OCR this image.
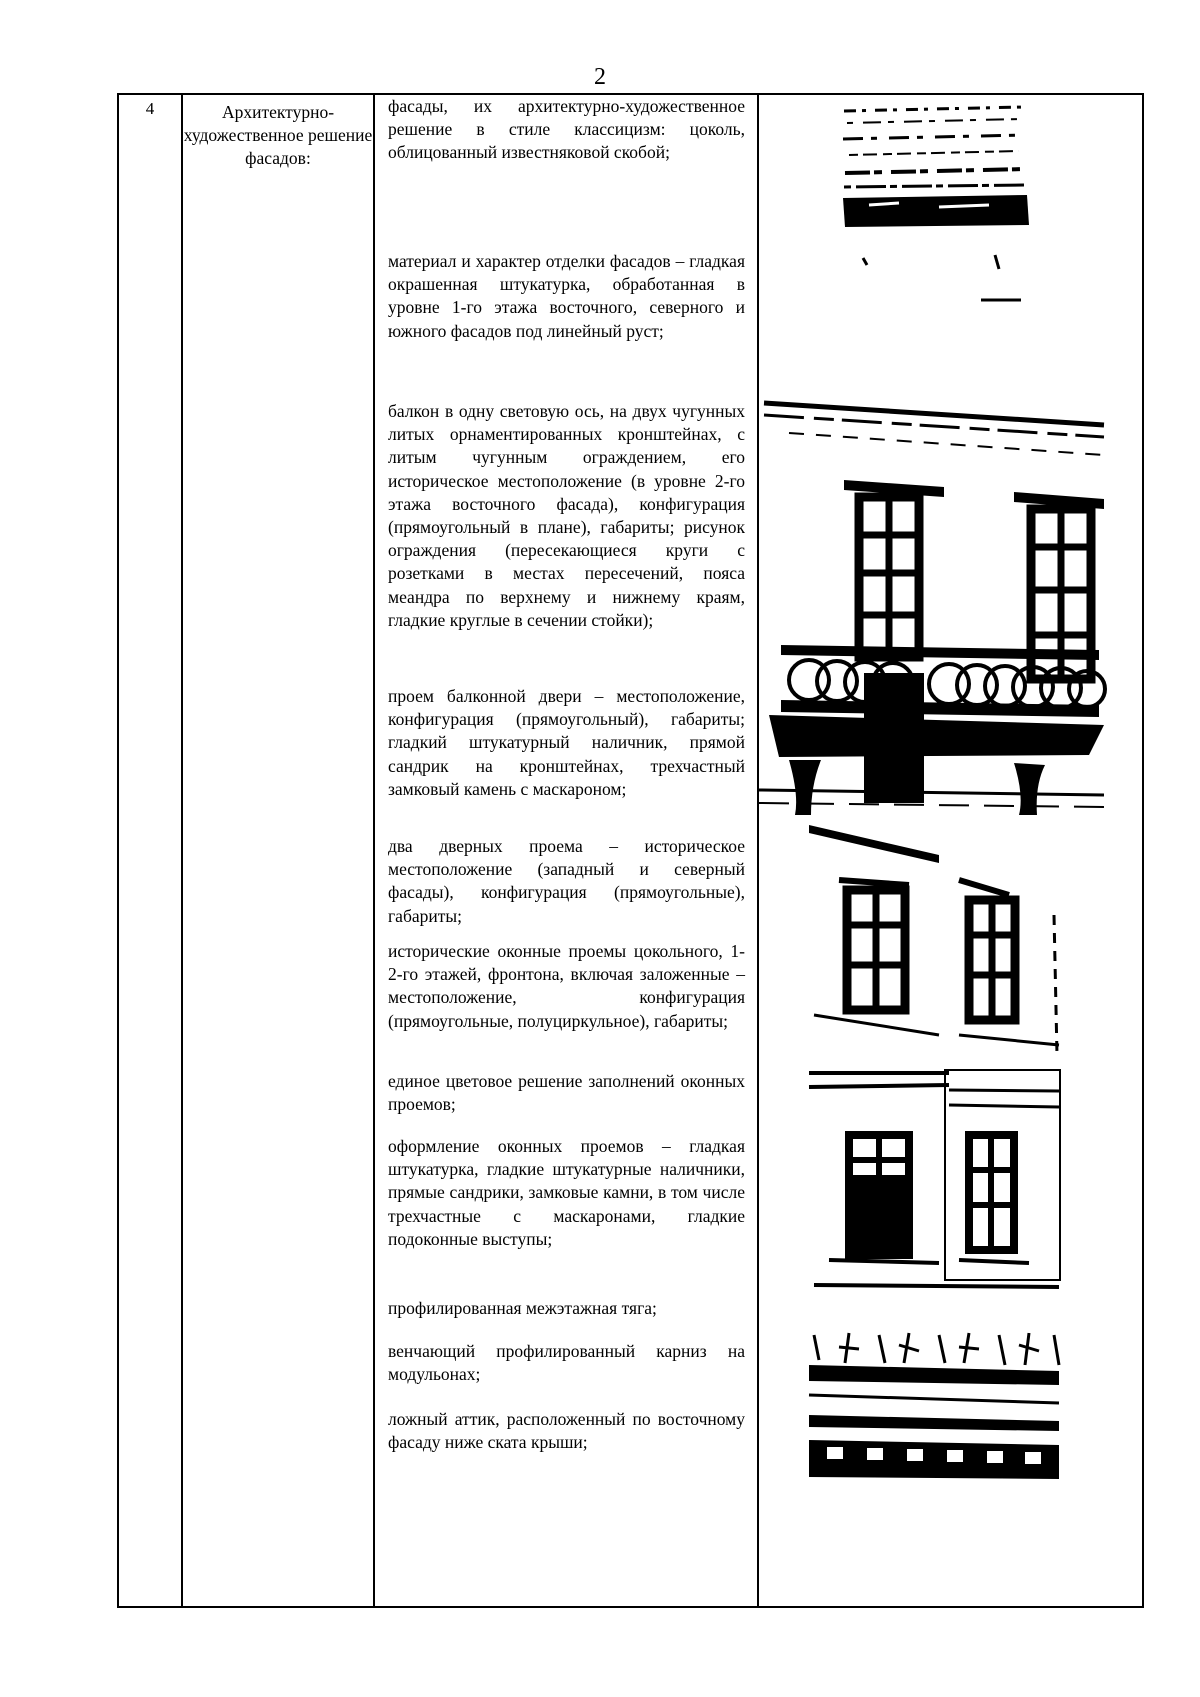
2
4	Архитектурно-художественное решение фасадов:

фасады, их архитектурно-художественное решение в стиле классицизм: цоколь, облицованный известняковой скобой;

материал и характер отделки фасадов – гладкая окрашенная штукатурка, обработанная в уровне 1-го этажа восточного, северного и южного фасадов под линейный руст;

балкон в одну световую ось, на двух чугунных литых орнаментированных кронштейнах, с литым чугунным ограждением, его историческое местоположение (в уровне 2-го этажа восточного фасада), конфигурация (прямоугольный в плане), габариты; рисунок ограждения (пересекающиеся круги с розетками в местах пересечений, пояса меандра по верхнему и нижнему краям, гладкие круглые в сечении стойки);

проем балконной двери – местоположение, конфигурация (прямоугольный), габариты; гладкий штукатурный наличник, прямой сандрик на кронштейнах, трехчастный замковый камень с маскароном;

два дверных проема – историческое местоположение (западный и северный фасады), конфигурация (прямоугольные), габариты;

исторические оконные проемы цокольного, 1-2-го этажей, фронтона, включая заложенные – местоположение, конфигурация (прямоугольные, полуциркульное), габариты;

единое цветовое решение заполнений оконных проемов;

оформление оконных проемов – гладкая штукатурка, гладкие штукатурные наличники, прямые сандрики, замковые камни, в том числе трехчастные с маскаронами, гладкие подоконные выступы;

профилированная межэтажная тяга;

венчающий профилированный карниз на модульонах;

ложный аттик, расположенный по восточному фасаду ниже ската крыши;
